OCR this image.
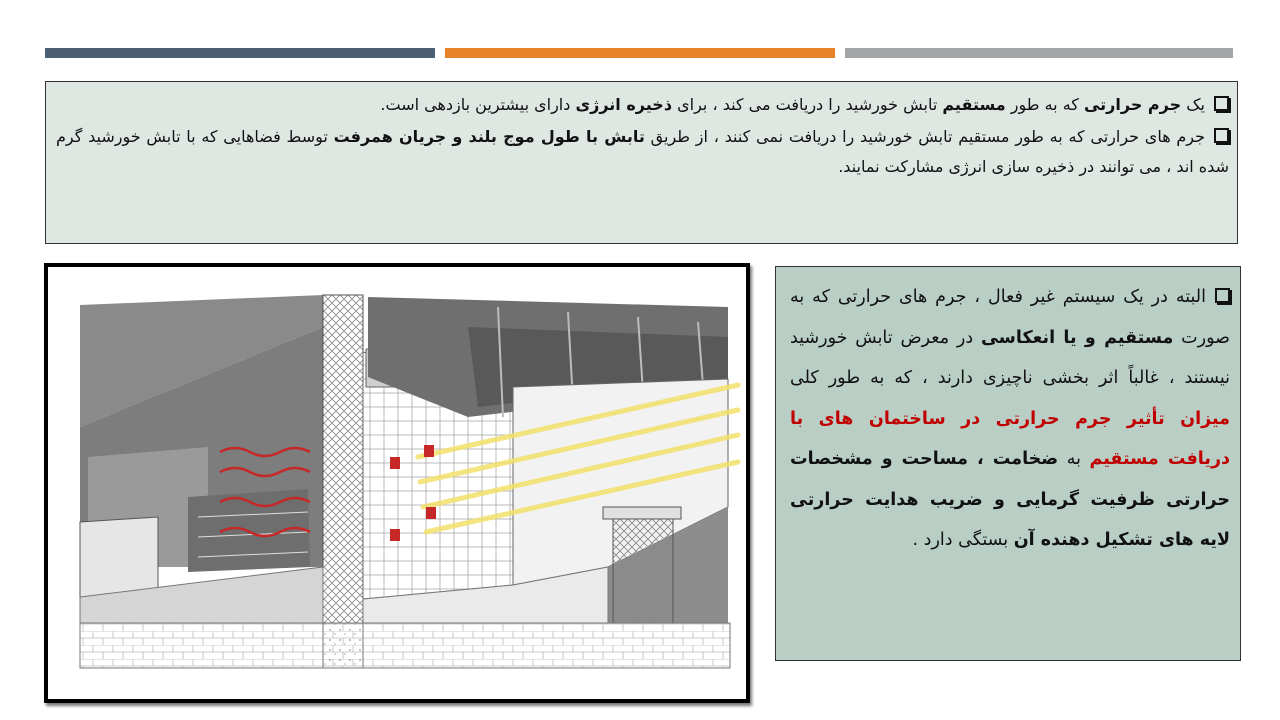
یک جرم حرارتی که به طور مستقیم تابش خورشید را دریافت می کند ، برای ذخیره انرژی دارای بیشترین بازدهی است.

جرم های حرارتی که به طور مستقیم تابش خورشید را دریافت نمی کنند ، از طریق تابش با طول موج بلند و جریان همرفت توسط فضاهایی که با تابش خورشید گرم شده اند ، می توانند در ذخیره سازی انرژی مشارکت نمایند.

البته در یک سیستم غیر فعال ، جرم های حرارتی که به صورت مستقیم و یا انعکاسی در معرض تابش خورشید نیستند ، غالباً اثر بخشی ناچیزی دارند ، که به طور کلی میزان تأثیر جرم حرارتی در ساختمان های با دریافت مستقیم به ضخامت ، مساحت و مشخصات حرارتی ظرفیت گرمایی و ضریب هدایت حرارتی لایه های تشکیل دهنده آن بستگی دارد .
